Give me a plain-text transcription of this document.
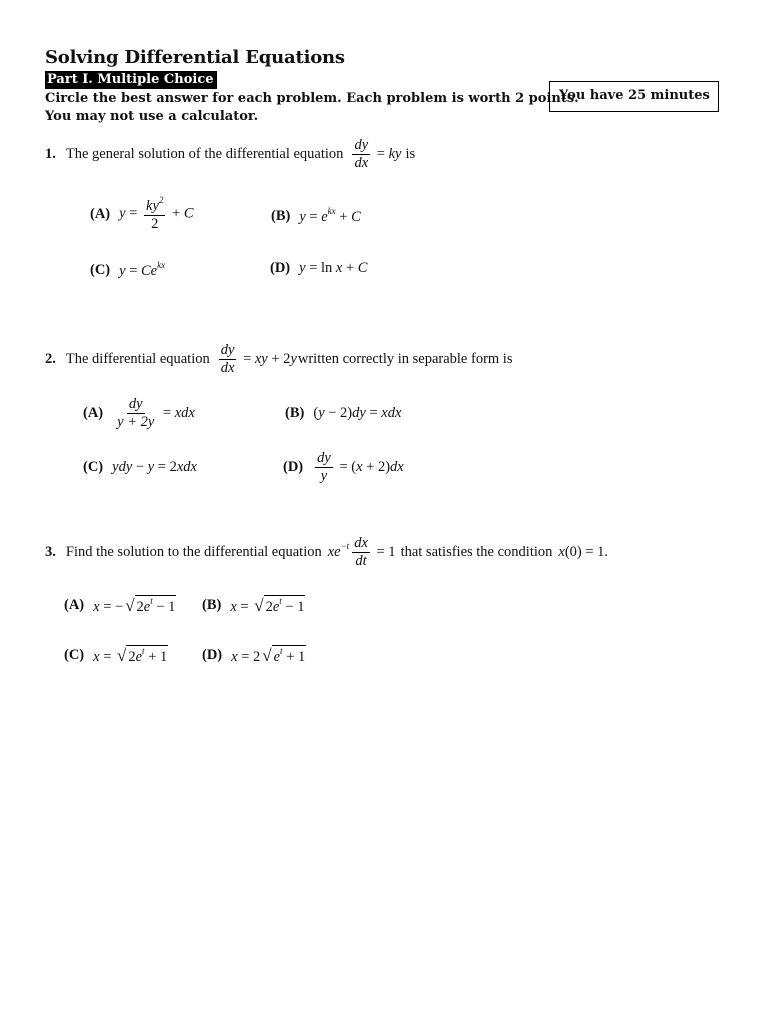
Solving Differential Equations
Part I. Multiple Choice
Circle the best answer for each problem. Each problem is worth 2 points.
You may not use a calculator.
You have 25 minutes
1. The general solution of the differential equation $\frac{dy}{dx}$ = ky is
(A) $y = \frac{ky^2}{2} + C$	(B) $y = e^{kx} + C$
(C) $y = Ce^{kx}$	(D) y = ln x + C
2. The differential equation $\frac{dy}{dx}$ = xy + 2y written correctly in separable form is
$(A) \frac{dy}{y + 2y}$ = xdx	(B) (y − 2)dy = xdx
(C) ydy − y = 2xdx	$(D) \frac{dy}{y} = (x + 2)dx$
3. Find the solution to the differential equation $xe^{-t} \frac{dx}{dt} = 1$ that satisfies the condition x(0) = 1.
(A) x = − √ $2e^t - 1$ (B) x = √ $2e^t - 1$
(C) x = √ $2e^t + 1$ (D) x = 2 √ $e^t + 1$
